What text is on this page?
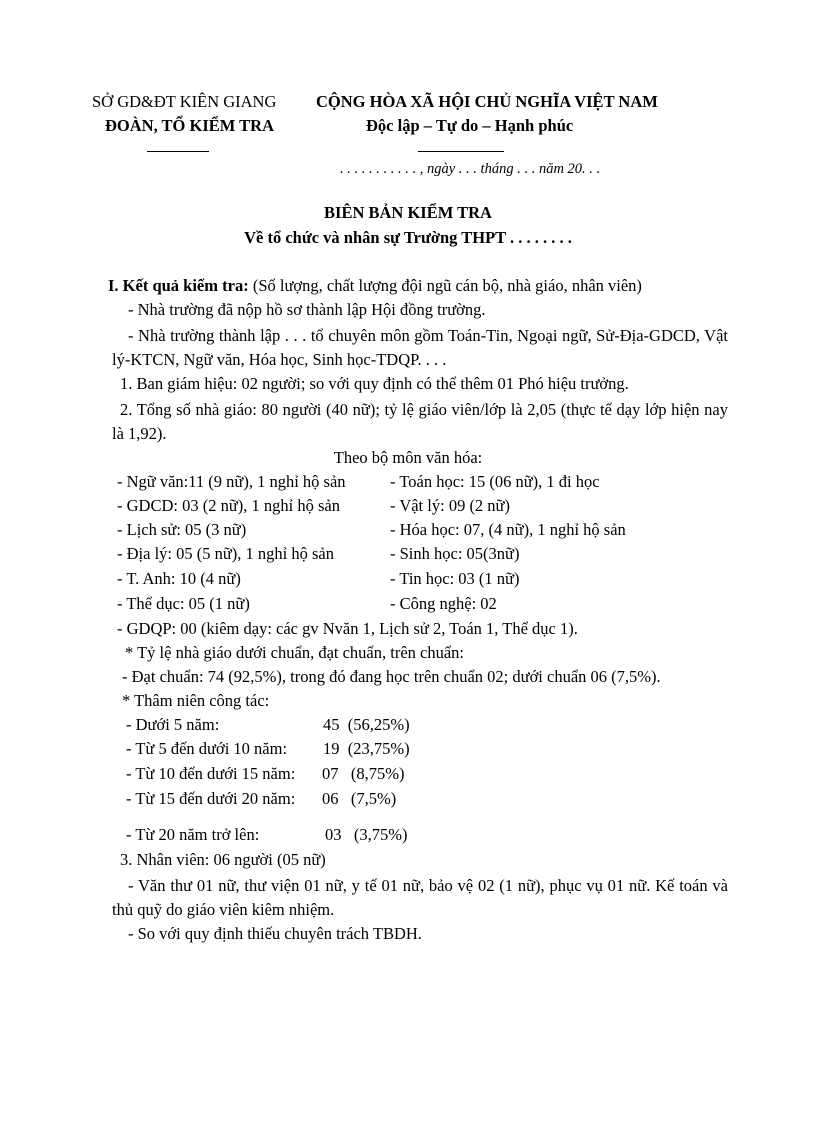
SỞ GD&ĐT KIÊN GIANG
ĐOÀN, TỔ KIỂM TRA
CỘNG HÒA XÃ HỘI CHỦ NGHĨA VIỆT NAM
Độc lập – Tự do – Hạnh phúc
. . . . . . . . . . . , ngày . . . tháng . . . năm 20. . .
BIÊN BẢN KIỂM TRA
Về tổ chức và nhân sự Trường THPT . . . . . . . .
I. Kết quả kiểm tra: (Số lượng, chất lượng đội ngũ cán bộ, nhà giáo, nhân viên)
- Nhà trường đã nộp hồ sơ thành lập Hội đồng trường.
- Nhà trường thành lập . . . tổ chuyên môn gồm Toán-Tin, Ngoại ngữ, Sử-Địa-GDCD, Vật lý-KTCN, Ngữ văn, Hóa học, Sinh học-TDQP. . . .
1. Ban giám hiệu: 02 người; so với quy định có thể thêm 01 Phó hiệu trưởng.
2. Tổng số nhà giáo: 80 người (40 nữ); tỷ lệ giáo viên/lớp là 2,05 (thực tế dạy lớp hiện nay là 1,92).
Theo bộ môn văn hóa:
- Ngữ văn:11 (9 nữ), 1 nghỉ hộ sản
- GDCD: 03 (2 nữ), 1 nghỉ hộ sản
- Lịch sử: 05 (3 nữ)
- Địa lý: 05 (5 nữ), 1 nghỉ hộ sản
- T. Anh: 10 (4 nữ)
- Thể dục: 05 (1 nữ)
- Toán học: 15 (06 nữ), 1 đi học
- Vật lý: 09 (2 nữ)
- Hóa học: 07, (4 nữ), 1 nghỉ hộ sản
- Sinh học: 05(3nữ)
- Tin học: 03 (1 nữ)
- Công nghệ: 02
- GDQP: 00 (kiêm dạy: các gv Nvăn 1, Lịch sử 2, Toán 1, Thể dục 1).
* Tỷ lệ nhà giáo dưới chuẩn, đạt chuẩn, trên chuẩn:
- Đạt chuẩn: 74 (92,5%), trong đó đang học trên chuẩn 02; dưới chuẩn 06 (7,5%).
* Thâm niên công tác:
- Dưới 5 năm:	45  (56,25%)
- Từ 5 đến dưới 10 năm: 19  (23,75%)
- Từ 10 đến dưới 15 năm: 07   (8,75%)
- Từ 15 đến dưới 20 năm: 06   (7,5%)
- Từ 20 năm trở lên:	03   (3,75%)
3. Nhân viên: 06 người (05 nữ)
- Văn thư 01 nữ, thư viện 01 nữ, y tế 01 nữ, bảo vệ 02 (1 nữ), phục vụ 01 nữ. Kế toán và thủ quỹ do giáo viên kiêm nhiệm.
- So với quy định thiếu chuyên trách TBDH.
